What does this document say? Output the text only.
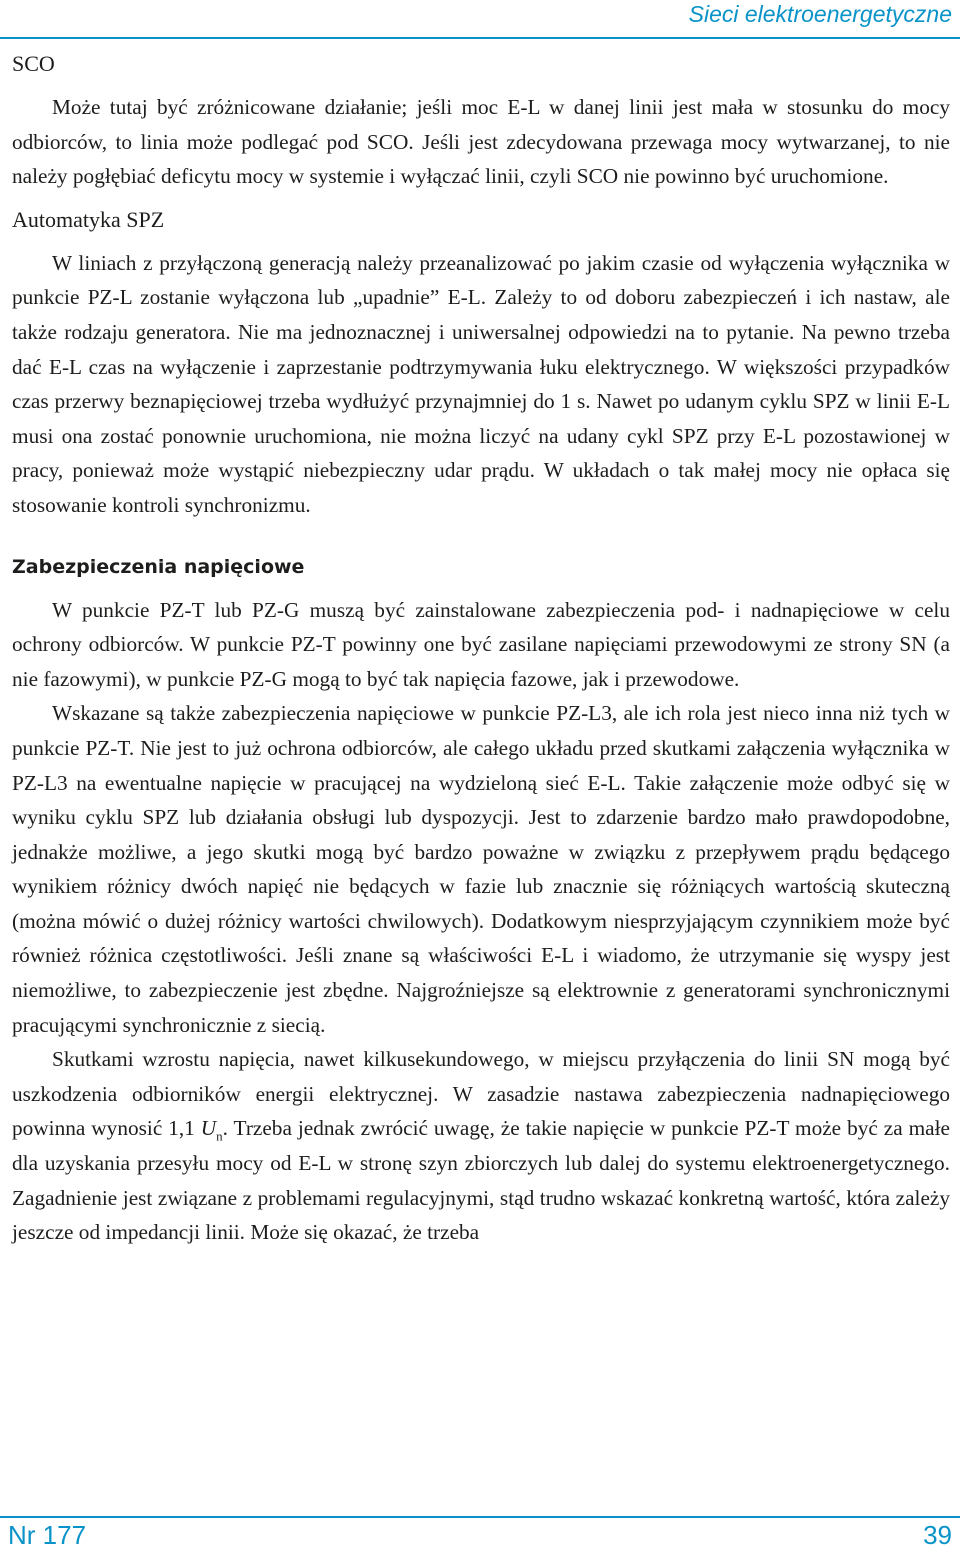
Sieci elektroenergetyczne
SCO

Może tutaj być zróżnicowane działanie; jeśli moc E-L w danej linii jest mała w stosunku do mocy odbiorców, to linia może podlegać pod SCO. Jeśli jest zdecydowana przewaga mocy wytwarzanej, to nie należy pogłębiać deficytu mocy w systemie i wyłączać linii, czyli SCO nie powinno być uruchomione.

Automatyka SPZ

W liniach z przyłączoną generacją należy przeanalizować po jakim czasie od wyłączenia wyłącznika w punkcie PZ-L zostanie wyłączona lub „upadnie” E-L. Zależy to od doboru zabezpieczeń i ich nastaw, ale także rodzaju generatora. Nie ma jednoznacznej i uniwersalnej odpowiedzi na to pytanie. Na pewno trzeba dać E-L czas na wyłączenie i zaprzestanie podtrzymywania łuku elektrycznego. W większości przypadków czas przerwy beznapięciowej trzeba wydłużyć przynajmniej do 1 s. Nawet po udanym cyklu SPZ w linii E-L musi ona zostać ponownie uruchomiona, nie można liczyć na udany cykl SPZ przy E-L pozostawionej w pracy, ponieważ może wystąpić niebezpieczny udar prądu. W układach o tak małej mocy nie opłaca się stosowanie kontroli synchronizmu.

Zabezpieczenia napięciowe

W punkcie PZ-T lub PZ-G muszą być zainstalowane zabezpieczenia pod- i nadnapięciowe w celu ochrony odbiorców. W punkcie PZ-T powinny one być zasilane napięciami przewodowymi ze strony SN (a nie fazowymi), w punkcie PZ-G mogą to być tak napięcia fazowe, jak i przewodowe.

Wskazane są także zabezpieczenia napięciowe w punkcie PZ-L3, ale ich rola jest nieco inna niż tych w punkcie PZ-T. Nie jest to już ochrona odbiorców, ale całego układu przed skutkami załączenia wyłącznika w PZ-L3 na ewentualne napięcie w pracującej na wydzieloną sieć E-L. Takie załączenie może odbyć się w wyniku cyklu SPZ lub działania obsługi lub dyspozycji. Jest to zdarzenie bardzo mało prawdopodobne, jednakże możliwe, a jego skutki mogą być bardzo poważne w związku z przepływem prądu będącego wynikiem różnicy dwóch napięć nie będących w fazie lub znacznie się różniących wartością skuteczną (można mówić o dużej różnicy wartości chwilowych). Dodatkowym niesprzyjającym czynnikiem może być również różnica częstotliwości. Jeśli znane są właściwości E-L i wiadomo, że utrzymanie się wyspy jest niemożliwe, to zabezpieczenie jest zbędne. Najgroźniejsze są elektrownie z generatorami synchronicznymi pracującymi synchronicznie z siecią.

Skutkami wzrostu napięcia, nawet kilkusekundowego, w miejscu przyłączenia do linii SN mogą być uszkodzenia odbiorników energii elektrycznej. W zasadzie nastawa zabezpieczenia nadnapięciowego powinna wynosić 1,1 $U_n$. Trzeba jednak zwrócić uwagę, że takie napięcie w punkcie PZ-T może być za małe dla uzyskania przesyłu mocy od E-L w stronę szyn zbiorczych lub dalej do systemu elektroenergetycznego. Zagadnienie jest związane z problemami regulacyjnymi, stąd trudno wskazać konkretną wartość, która zależy jeszcze od impedancji linii. Może się okazać, że trzeba

Nr 177	39
